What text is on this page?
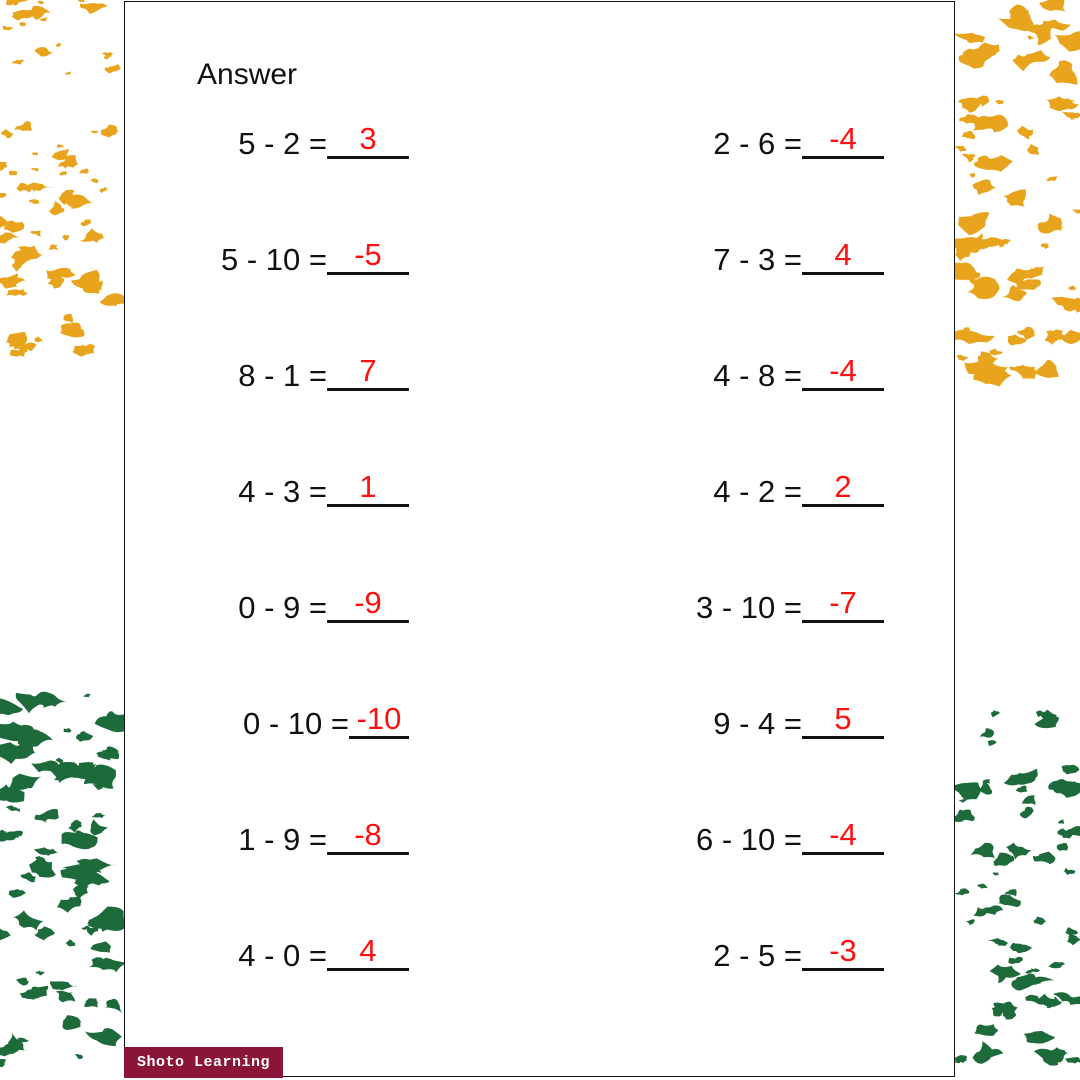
Answer
5 - 2 =	3
5 - 10 = -5
8 - 1 =	7
4 - 3 =	1
0 - 9 = -9
0 - 10 = -10
1 - 9 = -8
4 - 0 =	4
2 - 6 = -4
7 - 3 =	4
4 - 8 = -4
4 - 2 =	2
3 - 10 = -7
9 - 4 =	5
6 - 10 = -4
2 - 5 = -3
Shoto Learning
